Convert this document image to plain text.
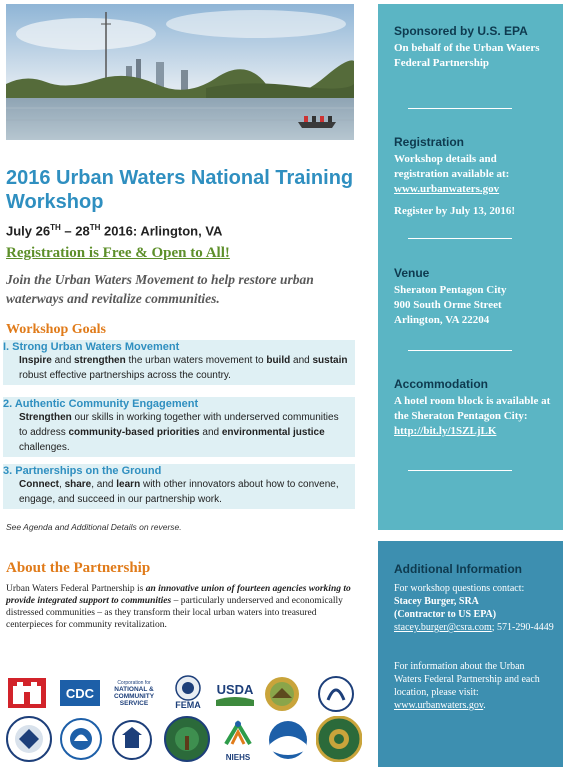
2016 Urban Waters National Training Workshop
July 26TH – 28TH 2016: Arlington, VA
Registration is Free & Open to All!
Join the Urban Waters Movement to help restore urban waterways and revitalize communities.
Workshop Goals
I. Strong Urban Waters Movement
Inspire and strengthen the urban waters movement to build and sustain robust effective partnerships across the country.
2. Authentic Community Engagement
Strengthen our skills in working together with underserved communities to address community-based priorities and environmental justice challenges.
3. Partnerships on the Ground
Connect, share, and learn with other innovators about how to convene, engage, and succeed in our partnership work.
See Agenda and Additional Details on reverse.
About the Partnership
Urban Waters Federal Partnership is an innovative union of fourteen agencies working to provide integrated support to communities – particularly underserved and economically distressed communities – as they transform their local urban waters into treasured centerpieces for community revitalization.
CDC
Corporation for
NATIONAL & COMMUNITY SERVICE	FEMA
USDA
NIEHS
Sponsored by U.S. EPA
On behalf of the Urban Waters Federal Partnership
Registration
Workshop details and registration available at:
www.urbanwaters.gov
Register by July 13, 2016!
Venue
Sheraton Pentagon City
900 South Orme Street
Arlington, VA 22204
Accommodation
A hotel room block is available at the Sheraton Pentagon City:
http://bit.ly/1SZLjLK
Additional Information
For workshop questions contact:
Stacey Burger, SRA
(Contractor to US EPA)
stacey.burger@csra.com; 571-290-4449
For information about the Urban Waters Federal Partnership and each location, please visit:
www.urbanwaters.gov.
